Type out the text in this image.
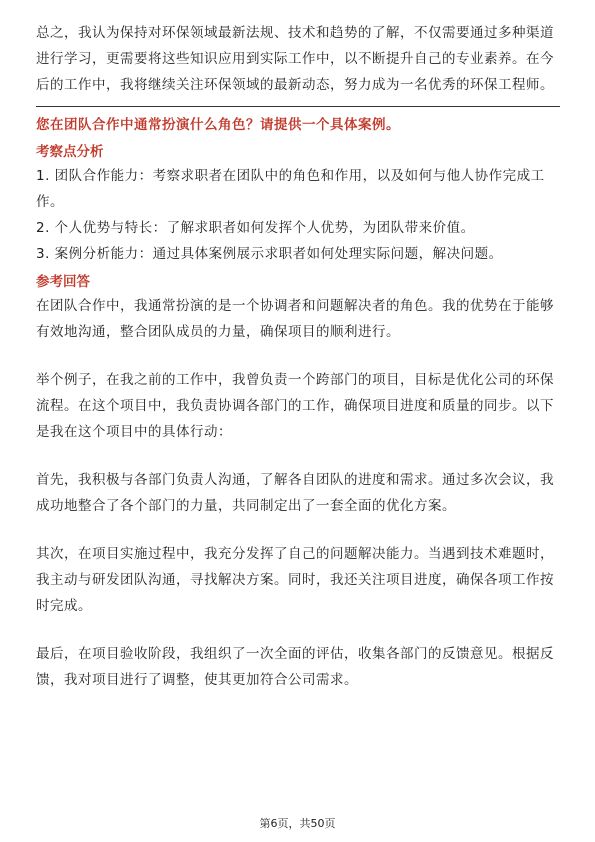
总之，我认为保持对环保领域最新法规、技术和趋势的了解，不仅需要通过多种渠道进行学习，更需要将这些知识应用到实际工作中，以不断提升自己的专业素养。在今后的工作中，我将继续关注环保领域的最新动态，努力成为一名优秀的环保工程师。

您在团队合作中通常扮演什么角色？请提供一个具体案例。

考察点分析

1. 团队合作能力：考察求职者在团队中的角色和作用，以及如何与他人协作完成工作。

2. 个人优势与特长：了解求职者如何发挥个人优势，为团队带来价值。

3. 案例分析能力：通过具体案例展示求职者如何处理实际问题，解决问题。

参考回答

在团队合作中，我通常扮演的是一个协调者和问题解决者的角色。我的优势在于能够有效地沟通，整合团队成员的力量，确保项目的顺利进行。

举个例子，在我之前的工作中，我曾负责一个跨部门的项目，目标是优化公司的环保流程。在这个项目中，我负责协调各部门的工作，确保项目进度和质量的同步。以下是我在这个项目中的具体行动：

首先，我积极与各部门负责人沟通，了解各自团队的进度和需求。通过多次会议，我成功地整合了各个部门的力量，共同制定出了一套全面的优化方案。

其次，在项目实施过程中，我充分发挥了自己的问题解决能力。当遇到技术难题时，我主动与研发团队沟通，寻找解决方案。同时，我还关注项目进度，确保各项工作按时完成。

最后，在项目验收阶段，我组织了一次全面的评估，收集各部门的反馈意见。根据反馈，我对项目进行了调整，使其更加符合公司需求。

第6页，共50页
